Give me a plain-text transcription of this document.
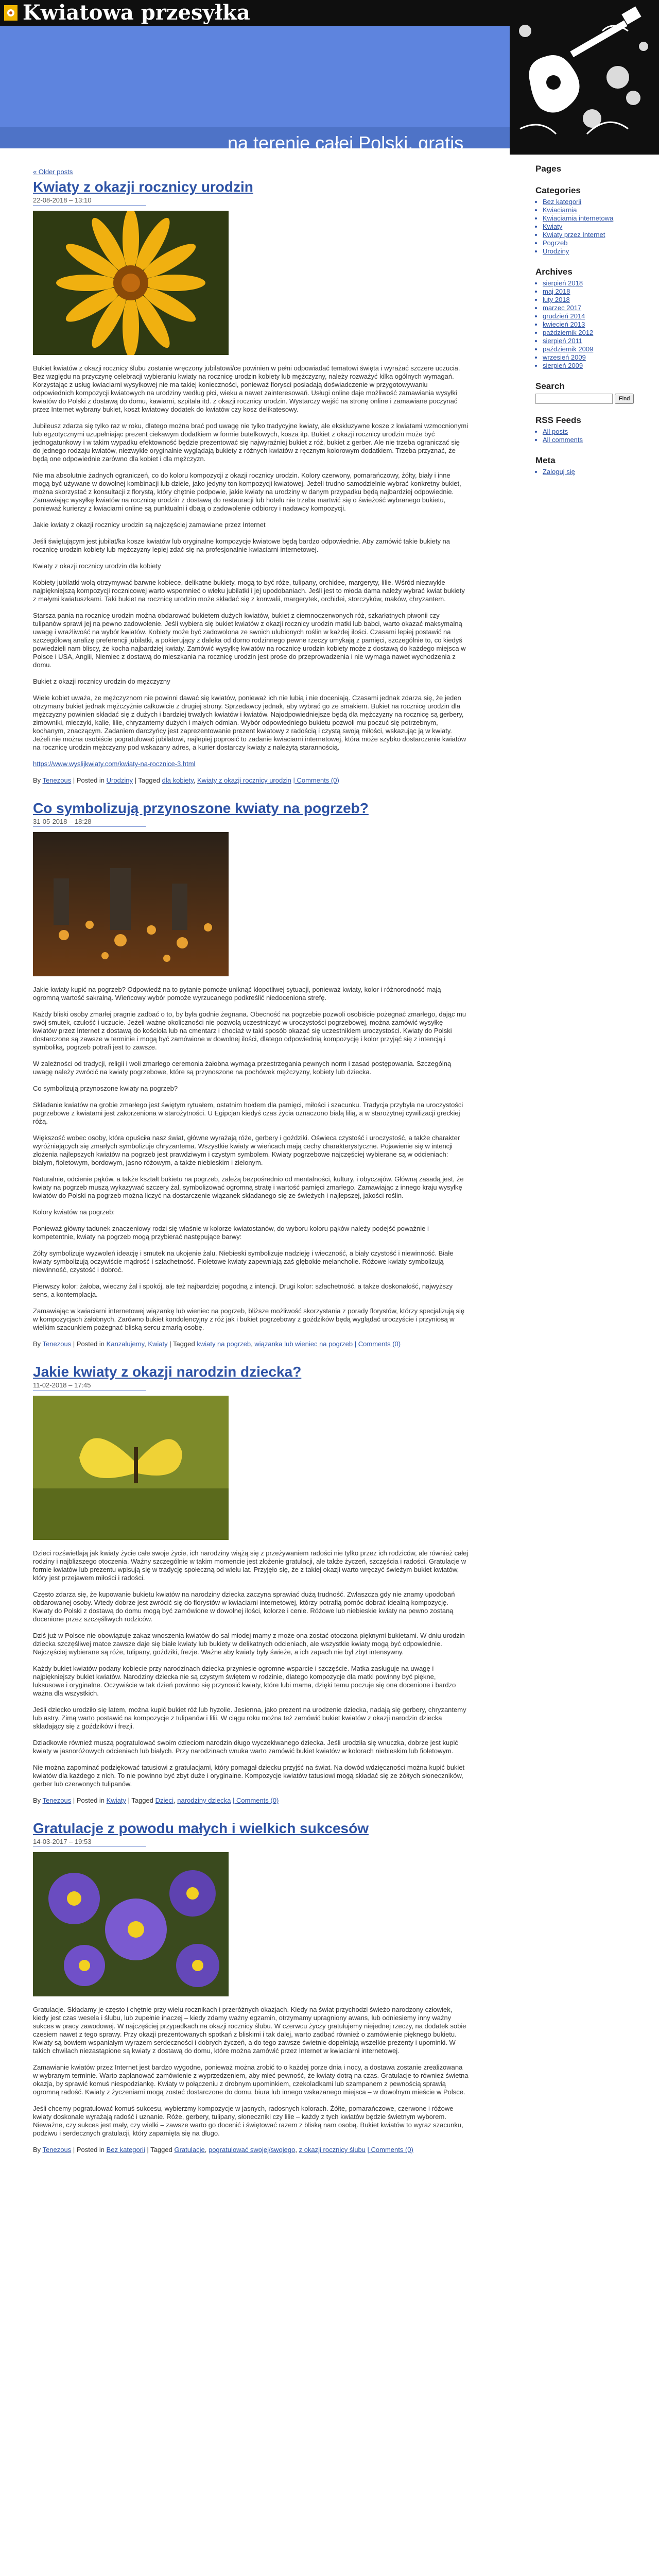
Kwiatowa przesyłka
na terenie całej Polski, gratis
« Older posts
Kwiaty z okazji rocznicy urodzin
22-08-2018 – 13:10

Bukiet kwiatów z okazji rocznicy ślubu zostanie wręczony jubilatowi/ce powinien w pełni odpowiadać tematowi święta i wyrażać szczere uczucia. Bez względu na przyczynę celebracji wybieraniu kwiaty na rocznicę urodzin kobiety lub mężczyzny, należy rozważyć kilka ogólnych wymagań. Korzystając z usług kwiaciarni wysyłkowej nie ma takiej konieczności, ponieważ florysci posiadają doświadczenie w przygotowywaniu odpowiednich kompozycji kwiatowych na urodziny według płci, wieku a nawet zainteresowań. Usługi online daje możliwość zamawiania wysyłki kwiatów do Polski z dostawą do domu, kawiarni, szpitala itd. z okazji rocznicy urodzin. Wystarczy wejść na stronę online i zamawiane poczynać przez Internet wybrany bukiet, koszt kwiatowy dodatek do kwiatów czy kosz delikatesowy.

Jubileusz zdarza się tylko raz w roku, dlatego można brać pod uwagę nie tylko tradycyjne kwiaty, ale ekskluzywne kosze z kwiatami wzmocnionymi lub egzotycznymi uzupełniając prezent ciekawym dodatkiem w formie butelkowych, kosza itp. Bukiet z okazji rocznicy urodzin może być jednogatunkowy i w takim wypadku efektowność będzie prezentować się najwyraźniej bukiet z róż, bukiet z gerber. Ale nie trzeba ograniczać się do jednego rodzaju kwiatów, niezwykle oryginalnie wyglądają bukiety z różnych kwiatów z ręcznym kolorowym dodatkiem. Trzeba przyznać, że będą one odpowiednie zarówno dla kobiet i dla mężczyzn.

Nie ma absolutnie żadnych ograniczeń, co do koloru kompozycji z okazji rocznicy urodzin. Kolory czerwony, pomarańczowy, żółty, biały i inne mogą być używane w dowolnej kombinacji lub dziele, jako jedyny ton kompozycji kwiatowej. Jeżeli trudno samodzielnie wybrać konkretny bukiet, można skorzystać z konsultacji z florystą, który chętnie podpowie, jakie kwiaty na urodziny w danym przypadku będą najbardziej odpowiednie. Zamawiając wysyłkę kwiatów na rocznicę urodzin z dostawą do restauracji lub hotelu nie trzeba martwić się o świeżość wybranego bukietu, ponieważ kurierzy z kwiaciarni online są punktualni i dbają o zadowolenie odbiorcy i nadawcy kompozycji.

Jakie kwiaty z okazji rocznicy urodzin są najczęściej zamawiane przez Internet

Jeśli świętującym jest jubilat/ka kosze kwiatów lub oryginalne kompozycje kwiatowe będą bardzo odpowiednie. Aby zamówić takie bukiety na rocznicę urodzin kobiety lub mężczyzny lepiej zdać się na profesjonalnie kwiaciarni internetowej.

Kwiaty z okazji rocznicy urodzin dla kobiety

Kobiety jubilatki wolą otrzymywać barwne kobiece, delikatne bukiety, mogą to być róże, tulipany, orchidee, margeryty, lilie. Wśród niezwykle najpiękniejszą kompozycji rocznicowej warto wspomnieć o wieku jubilatki i jej upodobaniach. Jeśli jest to młoda dama należy wybrać kwiat bukiety z małymi kwiatuszkami. Taki bukiet na rocznicę urodzin może składać się z konwalii, margerytek, orchidei, storczyków, maków, chryzantem.

Starsza pania na rocznicę urodzin można obdarować bukietem dużych kwiatów, bukiet z ciemnoczerwonych róż, szkarłatnych piwonii czy tulipanów sprawi jej na pewno zadowolenie. Jeśli wybiera się bukiet kwiatów z okazji rocznicy urodzin matki lub babci, warto okazać maksymalną uwagę i wrażliwość na wybór kwiatów. Kobiety może być zadowolona ze swoich ulubionych roślin w każdej ilości. Czasami lepiej postawić na szczegółową analizę preferencji jubilatki, a pokierujący z daleka od dorno rodzinnego pewne rzeczy umykają z pamięci, szczególnie to, co kiedyś powiedzieli nam bliscy, że kocha najbardziej kwiaty. Zamówić wysyłkę kwiatów na rocznicę urodzin kobiety może z dostawą do każdego miejsca w Polsce i USA, Anglii, Niemiec z dostawą do mieszkania na rocznicę urodzin jest prośe do przeprowadzenia i nie wymaga nawet wychodzenia z domu.

Bukiet z okazji rocznicy urodzin do mężczyzny

Wiele kobiet uważa, że mężczyznom nie powinni dawać się kwiatów, ponieważ ich nie lubią i nie doceniają. Czasami jednak zdarza się, że jeden otrzymany bukiet jednak mężczyźnie całkowicie z drugiej strony. Sprzedawcy jednak, aby wybrać go ze smakiem. Bukiet na rocznicę urodzin dla mężczyzny powinien składać się z dużych i bardziej trwałych kwiatów i kwiatów. Najodpowiedniejsze będą dla mężczyzny na rocznicę są gerbery, zimowniki, mieczyki, kalie, lilie, chryzantemy dużych i małych odmian. Wybór odpowiedniego bukietu pozwoli mu poczuć się potrzebnym, kochanym, znaczącym. Zadaniem darczyńcy jest zaprezentowanie prezent kwiatowy z radością i czystą swoją miłości, wskazując ją w kwiaty. Jeżeli nie można osobiście pogratulować jubilatowi, najlepiej poprosić to zadanie kwiaciarni internetowej, która może szybko dostarczenie kwiatów na rocznicę urodzin mężczyzny pod wskazany adres, a kurier dostarczy kwiaty z należytą starannością.

https://www.wyslijkwiaty.com/kwiaty-na-rocznice-3.html

By Tenezous | Posted in Urodziny | Tagged dla kobiety, Kwiaty z okazji rocznicy urodzin | Comments (0)
Co symbolizują przynoszone kwiaty na pogrzeb?
31-05-2018 – 18:28

Jakie kwiaty kupić na pogrzeb? Odpowiedź na to pytanie pomoże uniknąć kłopotliwej sytuacji, ponieważ kwiaty, kolor i różnorodność mają ogromną wartość sakralną. Wieńcowy wybór pomoże wyrzucanego podkreślić niedoceniona strefę.

Każdy bliski osoby zmarłej pragnie zadbać o to, by była godnie żegnana. Obecność na pogrzebie pozwoli osobiście pożegnać zmarłego, dając mu swój smutek, czułość i uczucie. Jeżeli ważne okoliczności nie pozwolą uczestniczyć w uroczystości pogrzebowej, można zamówić wysyłkę kwiatów przez Internet z dostawą do kościoła lub na cmentarz i chociaż w taki sposób okazać się uczestnikiem uroczystości. Kwiaty do Polski dostarczone są zawsze w terminie i mogą być zamówione w dowolnej ilości, dlatego odpowiednią kompozycję i kolor przyjąć się z intencją i symboliką, pogrzeb potrafi jest to zawsze.

W zależności od tradycji, religii i woli zmarłego ceremonia żałobna wymaga przestrzegania pewnych norm i zasad postępowania. Szczególną uwagę należy zwrócić na kwiaty pogrzebowe, które są przynoszone na pochówek mężczyzny, kobiety lub dziecka.

Co symbolizują przynoszone kwiaty na pogrzeb?

Składanie kwiatów na grobie zmarłego jest świętym rytuałem, ostatnim hołdem dla pamięci, miłości i szacunku. Tradycja przybyła na uroczystości pogrzebowe z kwiatami jest zakorzeniona w starożytności. U Egipcjan kiedyś czas życia oznaczono białą lilią, a w starożytnej cywilizacji greckiej różą.

Większość wobec osoby, która opuściła nasz świat, główne wyrażają róże, gerbery i goździki. Oświeca czystość i uroczystość, a także charakter wyróżniających się zmarłych symbolizuje chryzantema. Wszystkie kwiaty w wieńcach mają cechy charakterystyczne. Pojawienie się w intencji złożenia najlepszych kwiatów na pogrzeb jest prawdziwym i czystym symbolem. Kwiaty pogrzebowe najczęściej wybierane są w odcieniach: białym, fioletowym, bordowym, jasno różowym, a także niebieskim i zielonym.

Naturalnie, odcienie pąków, a także kształt bukietu na pogrzeb, zależą bezpośrednio od mentalności, kultury, i obyczajów. Główną zasadą jest, że kwiaty na pogrzeb muszą wykazywać szczery żal, symbolizować ogromną stratę i wartość pamięci zmarłego. Zamawiając z innego kraju wysyłkę kwiatów do Polski na pogrzeb można liczyć na dostarczenie wiązanek składanego się ze świeżych i najlepszej, jakości roślin.

Kolory kwiatów na pogrzeb:

Ponieważ główny tadunek znaczeniowy rodzi się właśnie w kolorze kwiatostanów, do wyboru koloru pąków należy podejść poważnie i kompetentnie, kwiaty na pogrzeb mogą przybierać następujące barwy:

Żółty symbolizuje wyzwoleń ideację i smutek na ukojenie żalu. Niebieski symbolizuje nadzieję i wieczność, a biały czystość i niewinność. Białe kwiaty symbolizują oczywiście mądrość i szlachetność. Fioletowe kwiaty zapewniają zaś głębokie melancholie. Różowe kwiaty symbolizują niewinność, czystość i dobroć.

Pierwszy kolor: żałoba, wieczny żal i spokój, ale też najbardziej pogodną z intencji. Drugi kolor: szlachetność, a także doskonałość, najwyższy sens, a kontemplacja.

Zamawiając w kwiaciarni internetowej wiązankę lub wieniec na pogrzeb, bliższe możliwość skorzystania z porady florystów, którzy specjalizują się w kompozycjach żałobnych. Zarówno bukiet kondolencyjny z róż jak i bukiet pogrzebowy z goździków będą wyglądać uroczyście i przyniosą w wielkim szacunkiem pożegnać bliską sercu zmarłą osobę.

By Tenezous | Posted in Kanzalujemy, Kwiaty | Tagged kwiaty na pogrzeb, wiązanka lub wieniec na pogrzeb | Comments (0)
Jakie kwiaty z okazji narodzin dziecka?
11-02-2018 – 17:45

Dzieci rozświetlają jak kwiaty życie całe swoje życie, ich narodziny wiążą się z przeżywaniem radości nie tylko przez ich rodziców, ale również całej rodziny i najbliższego otoczenia. Ważny szczególnie w takim momencie jest złożenie gratulacji, ale także życzeń, szczęścia i radości. Gratulacje w formie kwiatów lub prezentu wpisują się w tradycję społeczną od wielu lat. Przyjęło się, że z takiej okazji warto wręczyć świeżym bukiet kwiatów, który jest przejawem miłości i radości.

Często zdarza się, że kupowanie bukietu kwiatów na narodziny dziecka zaczyna sprawiać dużą trudność. Zwłaszcza gdy nie znamy upodobań obdarowanej osoby. Wtedy dobrze jest zwrócić się do florystów w kwiaciarni internetowej, którzy potrafią pomóc dobrać idealną kompozycję. Kwiaty do Polski z dostawą do domu mogą być zamówione w dowolnej ilości, kolorze i cenie. Różowe lub niebieskie kwiaty na pewno zostaną docenione przez szczęśliwych rodziców.

Dziś już w Polsce nie obowiązuje zakaz wnoszenia kwiatów do sal miodej mamy z może ona zostać otoczona pięknymi bukietami. W dniu urodzin dziecka szczęśliwej matce zawsze daje się białe kwiaty lub bukiety w delikatnych odcieniach, ale wszystkie kwiaty mogą być odpowiednie. Najczęściej wybierane są róże, tulipany, goździki, frezje. Ważne aby kwiaty były świeże, a ich zapach nie był zbyt intensywny.

Każdy bukiet kwiatów podany kobiecie przy narodzinach dziecka przyniesie ogromne wsparcie i szczęście. Matka zasługuje na uwagę i najpiękniejszy bukiet kwiatów. Narodziny dziecka nie są czystym świętem w rodzinie, dlatego kompozycje dla matki powinny być piękne, luksusowe i oryginalne. Oczywiście w tak dzień powinno się przynosić kwiaty, które lubi mama, dzięki temu poczuje się ona docenione i bardzo ważna dla wszystkich.

Jeśli dziecko urodziło się latem, można kupić bukiet róż lub hyzolie. Jesienna, jako prezent na urodzenie dziecka, nadają się gerbery, chryzantemy lub astry. Zimą warto postawić na kompozycje z tulipanów i lilii. W ciągu roku można też zamówić bukiet kwiatów z okazji narodzin dziecka składający się z goździków i frezji.

Dziadkowie również muszą pogratulować swoim dzieciom narodzin długo wyczekiwanego dziecka. Jeśli urodziła się wnuczka, dobrze jest kupić kwiaty w jasnoróżowych odcieniach lub białych. Przy narodzinach wnuka warto zamówić bukiet kwiatów w kolorach niebieskim lub fioletowym.

Nie można zapominać podziękować tatusiowi z gratulacjami, który pomagał dziecku przyjść na świat. Na dowód wdzięczności można kupić bukiet kwiatów dla każdego z nich. To nie powinno być zbyt duże i oryginalne. Kompozycje kwiatów tatusiowi mogą składać się ze żółtych słoneczników, gerber lub czerwonych tulipanów.

By Tenezous | Posted in Kwiaty | Tagged Dzieci, narodziny dziecka | Comments (0)
Gratulacje z powodu małych i wielkich sukcesów
14-03-2017 – 19:53

Gratulacje. Składamy je często i chętnie przy wielu rocznikach i przeróżnych okazjach. Kiedy na świat przychodzi świeżo narodzony człowiek, kiedy jest czas wesela i ślubu, lub zupełnie inaczej – kiedy zdamy ważny egzamin, otrzymamy upragniony awans, lub odniesiemy inny ważny sukces w pracy zawodowej. W najczęściej przypadkach na okazji rocznicy ślubu. W czerwcu życzy gratulujemy niejednej rzeczy, na dodatek sobie czesiem nawet z tego sprawy. Przy okazji prezentowanych spotkań z bliskimi i tak dalej, warto zadbać również o zamówienie pięknego bukietu. Kwiaty są bowiem wspaniałym wyrazem serdeczności i dobrych życzeń, a do tego zawsze świetnie dopełniają wszelkie prezenty i upominki. W takich chwilach niezastąpione są kwiaty z dostawą do domu, które można zamówić przez Internet w kwiaciarni internetowej.

Zamawianie kwiatów przez Internet jest bardzo wygodne, ponieważ można zrobić to o każdej porze dnia i nocy, a dostawa zostanie zrealizowana w wybranym terminie. Warto zaplanować zamówienie z wyprzedzeniem, aby mieć pewność, że kwiaty dotrą na czas. Gratulacje to również świetna okazja, by sprawić komuś niespodziankę. Kwiaty w połączeniu z drobnym upominkiem, czekoladkami lub szampanem z pewnością sprawią ogromną radość. Kwiaty z życzeniami mogą zostać dostarczone do domu, biura lub innego wskazanego miejsca – w dowolnym mieście w Polsce.

Jeśli chcemy pogratulować komuś sukcesu, wybierzmy kompozycje w jasnych, radosnych kolorach. Żółte, pomarańczowe, czerwone i różowe kwiaty doskonale wyrażają radość i uznanie. Róże, gerbery, tulipany, słoneczniki czy lilie – każdy z tych kwiatów będzie świetnym wyborem. Nieważne, czy sukces jest mały, czy wielki – zawsze warto go docenić i świętować razem z bliską nam osobą. Bukiet kwiatów to wyraz szacunku, podziwu i serdecznych gratulacji, który zapamięta się na długo.

By Tenezous | Posted in Bez kategorii | Tagged Gratulacje, pogratulować swojej/swojego, z okazji rocznicy ślubu | Comments (0)
Pages
Categories
• Bez kategorii
• Kwiaciarnia
• Kwiaciarnia internetowa
• Kwiaty
• Kwiaty przez Internet
• Pogrzeb
• Urodziny
Archives
• sierpień 2018
• maj 2018
• luty 2018
• marzec 2017
• grudzień 2014
• kwiecień 2013
• październik 2012
• sierpień 2011
• październik 2009
• wrzesień 2009
• sierpień 2009
Search
Find
RSS Feeds
• All posts
• All comments
Meta
• Zaloguj się
